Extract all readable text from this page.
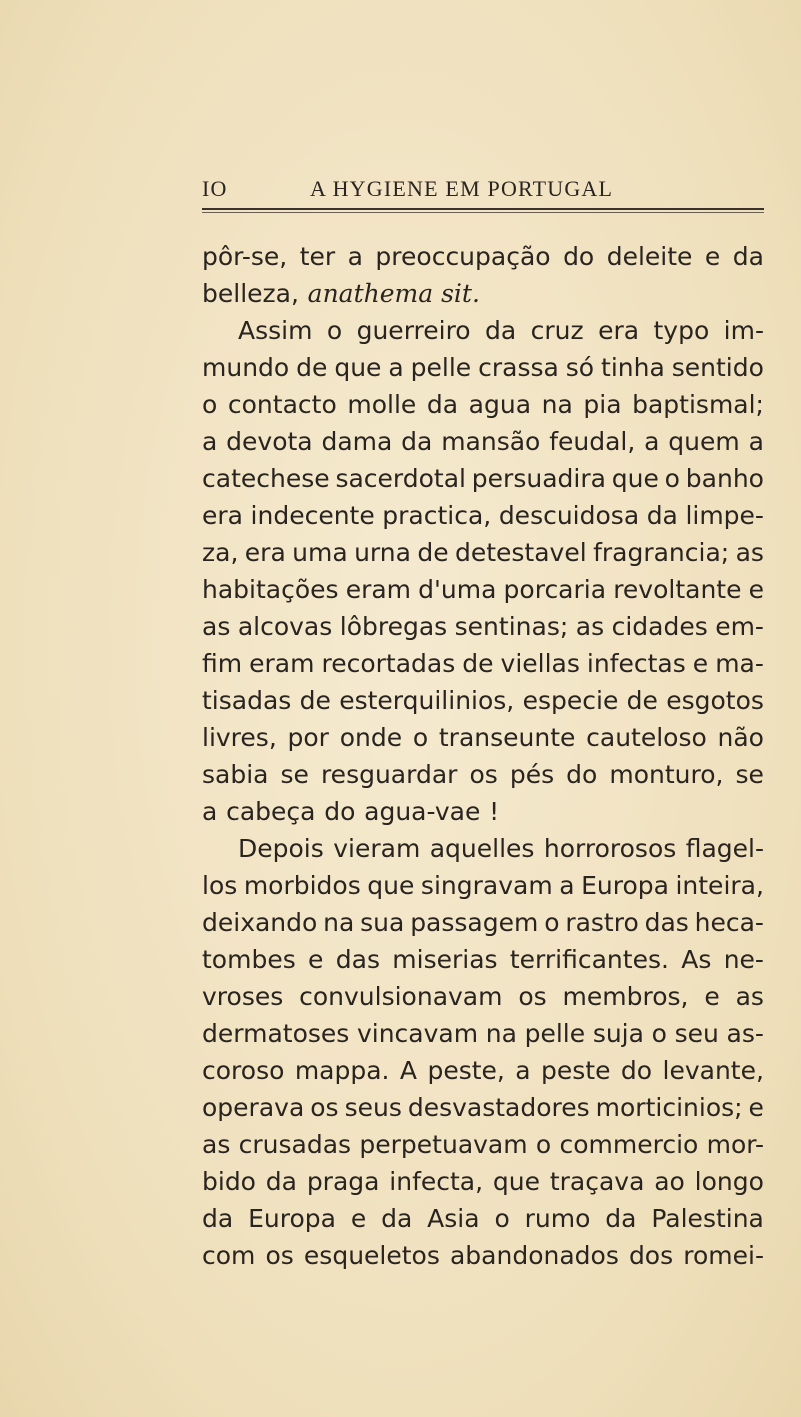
IO	A HYGIENE EM PORTUGAL
pôr-se, ter a preoccupação do deleite e da
belleza, anathema sit.
Assim o guerreiro da cruz era typo im-
mundo de que a pelle crassa só tinha sentido
o contacto molle da agua na pia baptismal;
a devota dama da mansão feudal, a quem a
catechese sacerdotal persuadira que o banho
era indecente practica, descuidosa da limpe-
za, era uma urna de detestavel fragrancia; as
habitações eram d'uma porcaria revoltante e
as alcovas lôbregas sentinas; as cidades em-
fim eram recortadas de viellas infectas e ma-
tisadas de esterquilinios, especie de esgotos
livres, por onde o transeunte cauteloso não
sabia se resguardar os pés do monturo, se
a cabeça do agua-vae !
Depois vieram aquelles horrorosos flagel-
los morbidos que singravam a Europa inteira,
deixando na sua passagem o rastro das heca-
tombes e das miserias terrificantes. As ne-
vroses convulsionavam os membros, e as
dermatoses vincavam na pelle suja o seu as-
coroso mappa. A peste, a peste do levante,
operava os seus desvastadores morticinios; e
as crusadas perpetuavam o commercio mor-
bido da praga infecta, que traçava ao longo
da Europa e da Asia o rumo da Palestina
com os esqueletos abandonados dos romei-
